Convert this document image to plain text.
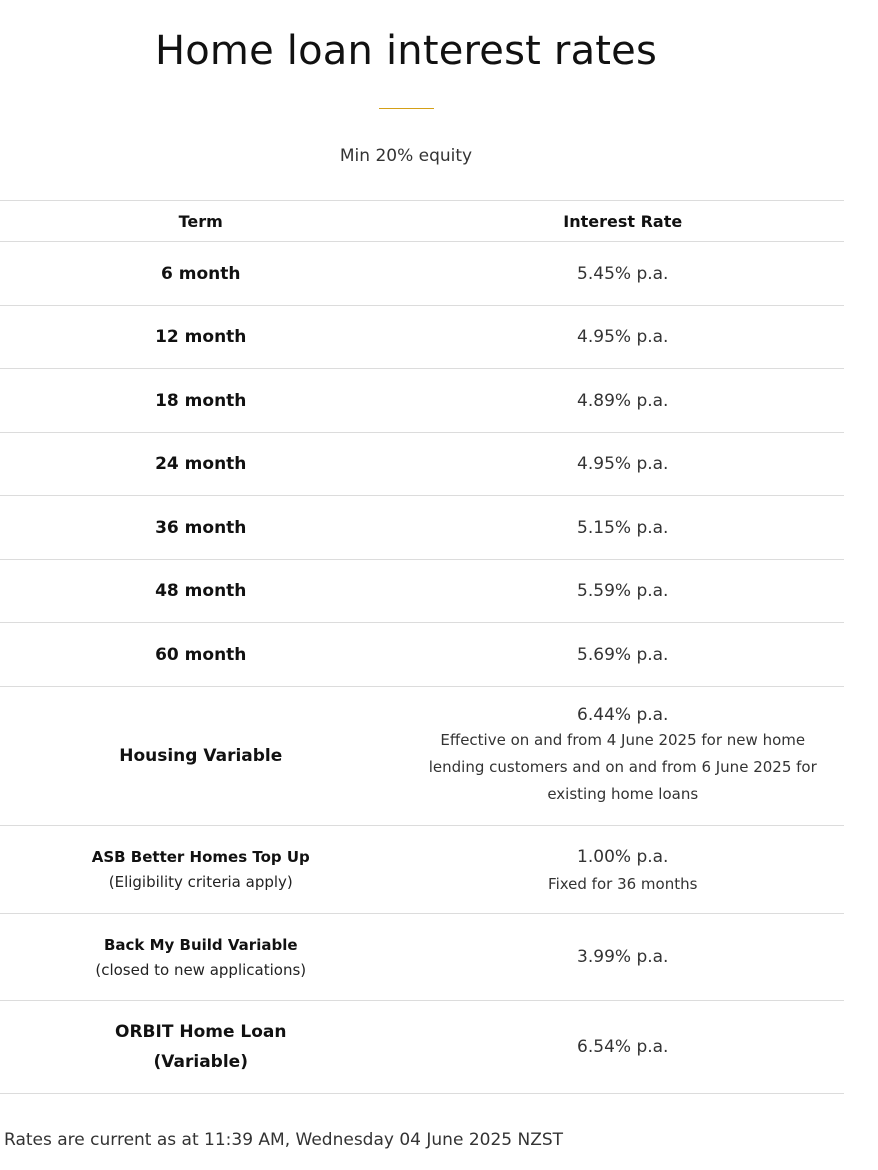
Home loan interest rates
Min 20% equity
Term	Interest Rate
6 month	5.45% p.a.
12 month	4.95% p.a.
18 month	4.89% p.a.
24 month	4.95% p.a.
36 month	5.15% p.a.
48 month	5.59% p.a.
60 month	5.69% p.a.
Housing Variable	6.44% p.a.
Effective on and from 4 June 2025 for new home lending customers and on and from 6 June 2025 for existing home loans

ASB Better Homes Top Up
(Eligibility criteria apply)	1.00% p.a.
Fixed for 36 months

Back My Build Variable
(closed to new applications)	3.99% p.a.
ORBIT Home Loan (Variable)	6.54% p.a.
Rates are current as at 11:39 AM, Wednesday 04 June 2025 NZST
